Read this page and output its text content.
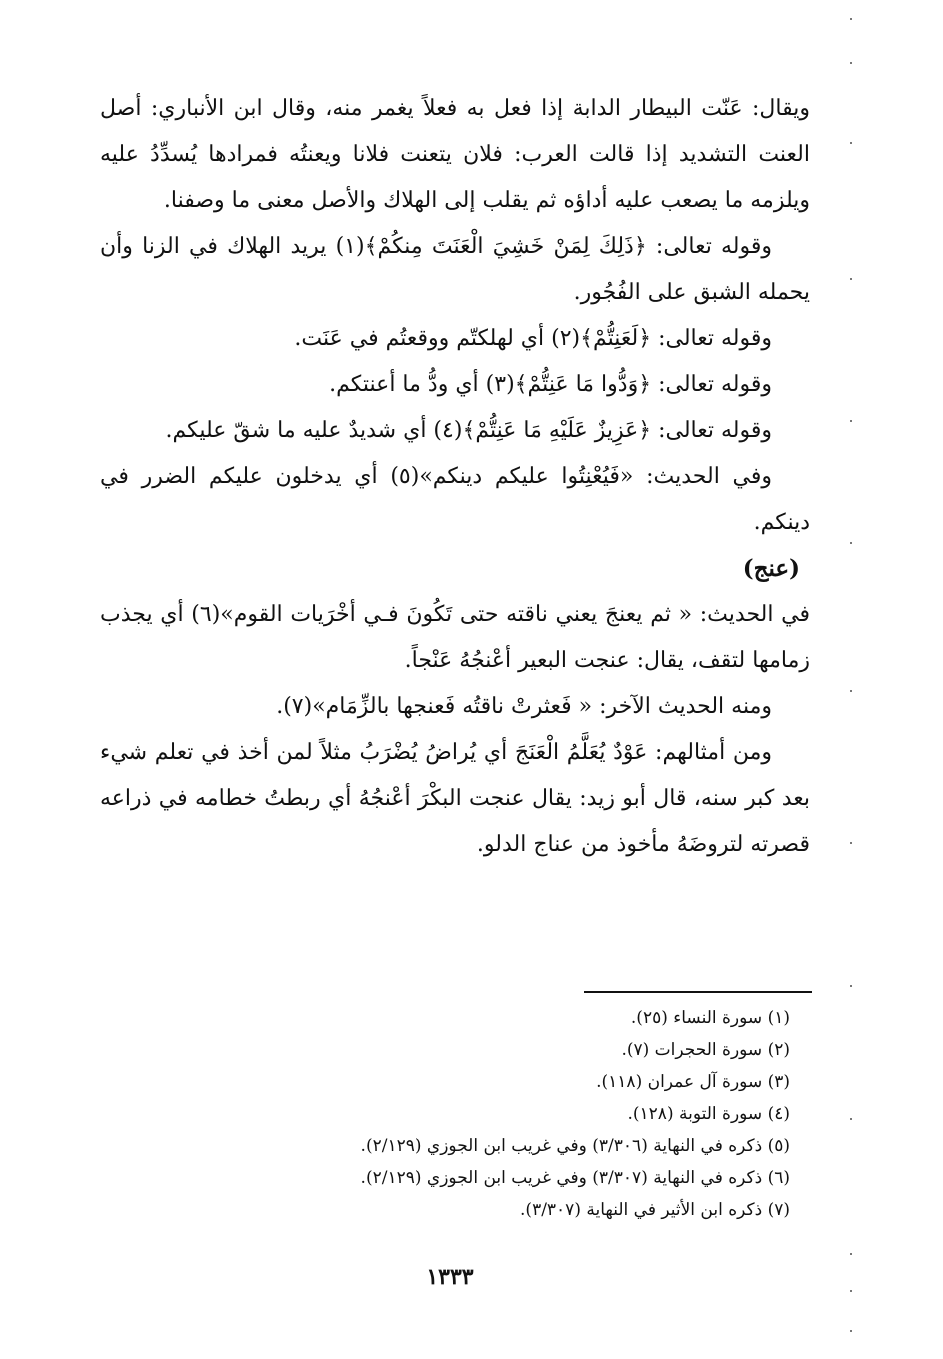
ويقال: عَنّت البيطار الدابة إذا فعل به فعلاً يغمر منه، وقال ابن الأنباري: أصل العنت التشديد إذا قالت العرب: فلان يتعنت فلانا ويعنتُه فمرادها يُسدِّدُ عليه ويلزمه ما يصعب عليه أداؤه ثم يقلب إلى الهلاك والأصل معنى ما وصفنا.

وقوله تعالى: ﴿ذَلِكَ لِمَنْ خَشِيَ الْعَنَتَ مِنكُمْ﴾(١) يريد الهلاك في الزنا وأن يحمله الشبق على الفُجُور.

وقوله تعالى: ﴿لَعَنِتُّمْ﴾(٢) أي لهلكتّم ووقعتُم في عَنَت.

وقوله تعالى: ﴿وَدُّوا مَا عَنِتُّمْ﴾(٣) أي ودُّ ما أعنتكم.

وقوله تعالى: ﴿عَزِيزٌ عَلَيْهِ مَا عَنِتُّمْ﴾(٤) أي شديدٌ عليه ما شقّ عليكم.

وفي الحديث: «فَيُعْنِتُوا عليكم دينكم»(٥) أي يدخلون عليكم الضرر في دينكم.

(عنج)

في الحديث: « ثم يعنجَ يعني ناقته حتى تَكُونَ فـي أخْرَيات القوم»(٦) أي يجذب زمامها لتقف، يقال: عنجت البعير أعْنجُهُ عَنْجاً.

ومنه الحديث الآخر: « فَعثرتْ ناقتُه فَعنجها بالزِّمَام»(٧).

ومن أمثالهم: عَوْدٌ يُعَلَّمُ الْعَنَجَ أي يُراضُ يُضْرَبُ مثلاً لمن أخذ في تعلم شيء بعد كبر سنه، قال أبو زيد: يقال عنجت البكْرَ أعْنجُهُ أي ربطتُ خطامه في ذراعه قصرته لتروضَهُ مأخوذ من عناج الدلو.

(١) سورة النساء (٢٥).

(٢) سورة الحجرات (٧).

(٣) سورة آل عمران (١١٨).

(٤) سورة التوبة (١٢٨).

(٥) ذكره في النهاية (٣/٣٠٦) وفي غريب ابن الجوزي (٢/١٢٩).

(٦) ذكره في النهاية (٣/٣٠٧) وفي غريب ابن الجوزي (٢/١٢٩).

(٧) ذكره ابن الأثير في النهاية (٣/٣٠٧).

١٣٣٣
